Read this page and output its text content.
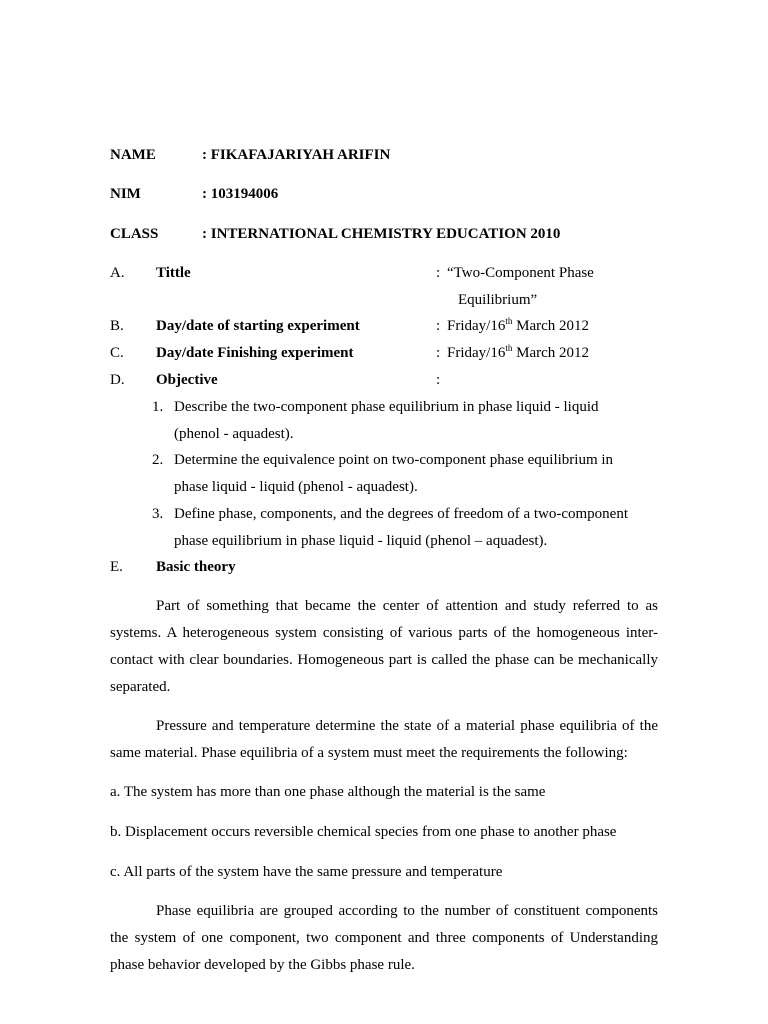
NAME	: FIKAFAJARIYAH ARIFIN
NIM	: 103194006
CLASS	: INTERNATIONAL CHEMISTRY EDUCATION 2010
A. Tittle	: “Two-Component Phase
Equilibrium”
B. Day/date of starting experiment	: Friday/16th March 2012
C. Day/date Finishing experiment	: Friday/16th March 2012
D. Objective	:
1. Describe the two-component phase equilibrium in phase liquid - liquid
(phenol - aquadest).
2. Determine the equivalence point on two-component phase equilibrium in
phase liquid - liquid (phenol - aquadest).
3. Define phase, components, and the degrees of freedom of a two-component
phase equilibrium in phase liquid - liquid (phenol – aquadest).
E. Basic theory
Part of something that became the center of attention and study referred to as systems. A heterogeneous system consisting of various parts of the homogeneous inter-contact with clear boundaries. Homogeneous part is called the phase can be mechanically separated.
Pressure and temperature determine the state of a material phase equilibria of the same material. Phase equilibria of a system must meet the requirements the following:
a. The system has more than one phase although the material is the same
b. Displacement occurs reversible chemical species from one phase to another phase
c. All parts of the system have the same pressure and temperature
Phase equilibria are grouped according to the number of constituent components the system of one component, two component and three components of Understanding phase behavior developed by the Gibbs phase rule.
